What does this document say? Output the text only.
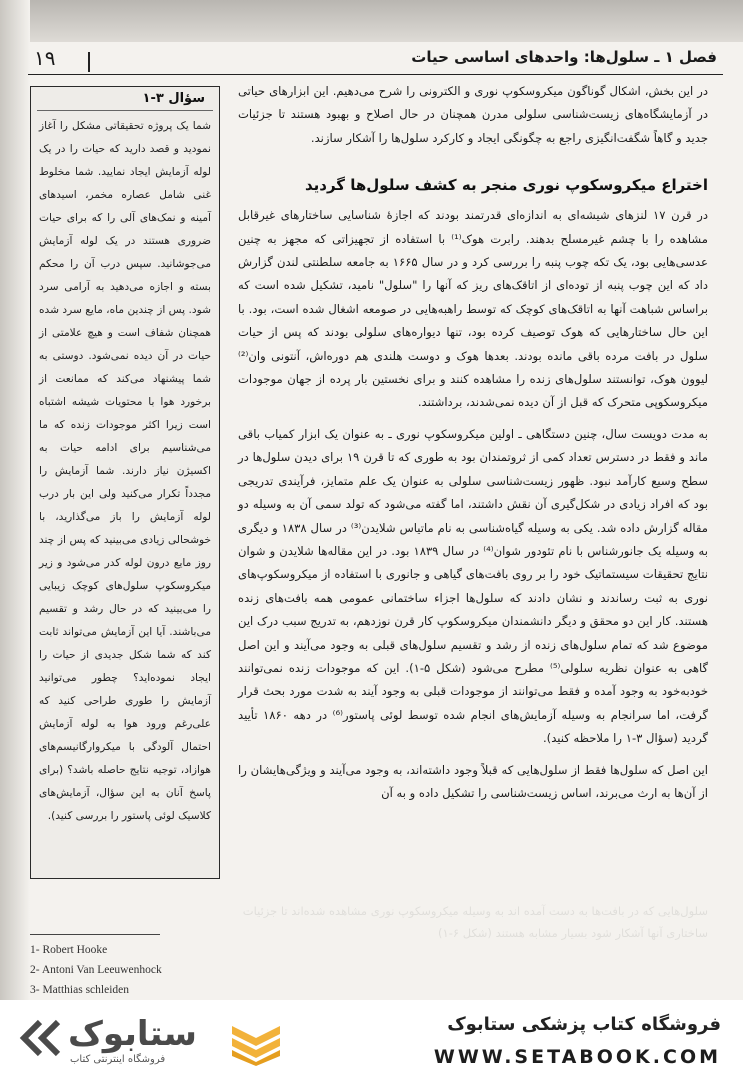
فصل ۱ ـ سلول‌ها: واحدهای اساسی حیات
۱۹
سؤال ۳-۱
شما یک پروژه تحقیقاتی مشکل را آغاز نمودید و قصد دارید که حیات را در یک لوله آزمایش ایجاد نمایید. شما مخلوط غنی شامل عصاره مخمر، اسیدهای آمینه و نمک‌های آلی را که برای حیات ضروری هستند در یک لوله آزمایش می‌جوشانید. سپس درب آن را محکم بسته و اجازه می‌دهید به آرامی سرد شود. پس از چندین ماه، مایع سرد شده همچنان شفاف است و هیچ علامتی از حیات در آن دیده نمی‌شود. دوستی به شما پیشنهاد می‌کند که ممانعت از برخورد هوا با محتویات شیشه اشتباه است زیرا اکثر موجودات زنده که ما می‌شناسیم برای ادامه حیات به اکسیژن نیاز دارند. شما آزمایش را مجدداً تکرار می‌کنید ولی این بار درب لوله آزمایش را باز می‌گذارید، با خوشحالی زیادی می‌بینید که پس از چند روز مایع درون لوله کدر می‌شود و زیر میکروسکوپ سلول‌های کوچک زیبایی را می‌بینید که در حال رشد و تقسیم می‌باشند. آیا این آزمایش می‌تواند ثابت کند که شما شکل جدیدی از حیات را ایجاد نموده‌اید؟ چطور می‌توانید آزمایش را طوری طراحی کنید که علی‌رغم ورود هوا به لوله آزمایش احتمال آلودگی با میکروارگانیسم‌های هوازاد، توجیه نتایج حاصله باشد؟ (برای پاسخ آنان به این سؤال، آزمایش‌های کلاسیک لوئی پاستور را بررسی کنید).

در این بخش، اشکال گوناگون میکروسکوپ نوری و الکترونی را شرح می‌دهیم. این ابزارهای حیاتی در آزمایشگاه‌های زیست‌شناسی سلولی مدرن همچنان در حال اصلاح و بهبود هستند تا جزئیات جدید و گاهاً شگفت‌انگیزی راجع به چگونگی ایجاد و کارکرد سلول‌ها را آشکار سازند.

اختراع میکروسکوپ نوری منجر به کشف سلول‌ها گردید

در قرن ۱۷ لنزهای شیشه‌ای به اندازه‌ای قدرتمند بودند که اجازهٔ شناسایی ساختارهای غیرقابل مشاهده را با چشم غیرمسلح بدهند. رابرت هوک⁽¹⁾ با استفاده از تجهیزاتی که مجهز به چنین عدسی‌هایی بود، یک تکه چوب پنبه را بررسی کرد و در سال ۱۶۶۵ به جامعه سلطنتی لندن گزارش داد که این چوب پنبه از توده‌ای از اتاقک‌های ریز که آنها را "سلول" نامید، تشکیل شده است که براساس شباهت آنها به اتاقک‌های کوچک که توسط راهبه‌هایی در صومعه اشغال شده است، بود. با این حال ساختارهایی که هوک توصیف کرده بود، تنها دیواره‌های سلولی بودند که پس از حیات سلول در بافت مرده باقی مانده بودند. بعدها هوک و دوست هلندی هم دوره‌اش، آنتونی وان⁽²⁾ لیوون هوک، توانستند سلول‌های زنده را مشاهده کنند و برای نخستین بار پرده از جهان موجودات میکروسکوپی متحرک که قبل از آن دیده نمی‌شدند، برداشتند.

به مدت دویست سال، چنین دستگاهی ـ اولین میکروسکوپ نوری ـ به عنوان یک ابزار کمیاب باقی ماند و فقط در دسترس تعداد کمی از ثروتمندان بود به طوری که تا قرن ۱۹ برای دیدن سلول‌ها در سطح وسیع کارآمد نبود. ظهور زیست‌شناسی سلولی به عنوان یک علم متمایز، فرآیندی تدریجی بود که افراد زیادی در شکل‌گیری آن نقش داشتند، اما گفته می‌شود که تولد سمی آن به وسیله دو مقاله گزارش داده شد. یکی به وسیله گیاه‌شناسی به نام ماتیاس شلایدن⁽³⁾ در سال ۱۸۳۸ و دیگری به وسیله یک جانورشناس با نام تئودور شوان⁽⁴⁾ در سال ۱۸۳۹ بود. در این مقاله‌ها شلایدن و شوان نتایج تحقیقات سیستماتیک خود را بر روی بافت‌های گیاهی و جانوری با استفاده از میکروسکوپ‌های نوری به ثبت رساندند و نشان دادند که سلول‌ها اجزاء ساختمانی عمومی همه بافت‌های زنده هستند. کار این دو محقق و دیگر دانشمندان میکروسکوپ کار قرن نوزدهم، به تدریج سبب درک این موضوع شد که تمام سلول‌های زنده از رشد و تقسیم سلول‌های قبلی به وجود می‌آیند و این اصل گاهی به عنوان نظریه سلولی⁽⁵⁾ مطرح می‌شود (شکل ۵-۱). این که موجودات زنده نمی‌توانند خودبه‌خود به وجود آمده و فقط می‌توانند از موجودات قبلی به وجود آیند به شدت مورد بحث قرار گرفت، اما سرانجام به وسیله آزمایش‌های انجام شده توسط لوئی پاستور⁽⁶⁾ در دهه ۱۸۶۰ تأیید گردید (سؤال ۳-۱ را ملاحظه کنید).

این اصل که سلول‌ها فقط از سلول‌هایی که قبلاً وجود داشته‌اند، به وجود می‌آیند و ویژگی‌هایشان را از آن‌ها به ارث می‌برند، اساس زیست‌شناسی را تشکیل داده و به آن

سلول‌هایی که در بافت‌ها به دست آمده اند به وسیله میکروسکوپ نوری مشاهده شده‌اند تا جزئیات ساختاری آنها آشکار شود بسیار مشابه هستند (شکل ۶-۱)
1- Robert Hooke
2- Antoni Van Leeuwenhock
3- Matthias schleiden
ستابوک
فروشگاه اینترنتی کتاب
فروشگاه کتاب پزشکی ستابوک
WWW.SETABOOK.COM
